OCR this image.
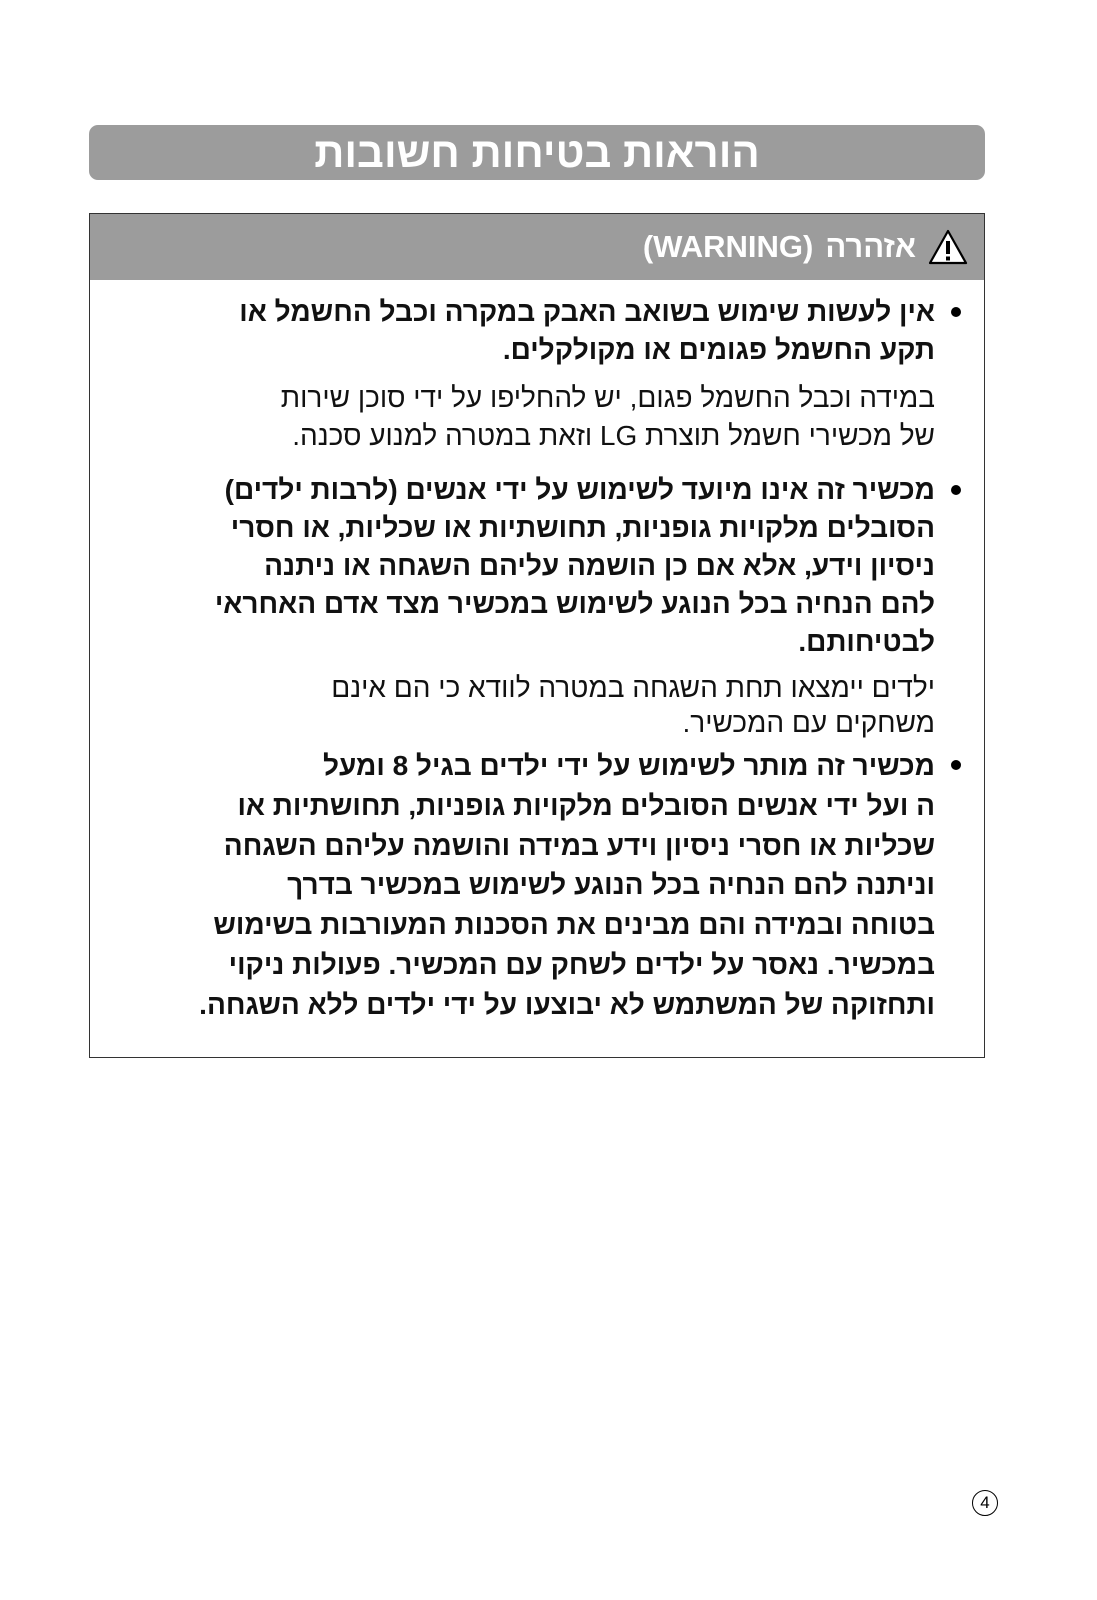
הוראות בטיחות חשובות
אזהרה
(WARNING)
אין לעשות שימוש בשואב האבק במקרה וכבל החשמל או
תקע החשמל פגומים או מקולקלים.
במידה וכבל החשמל פגום, יש להחליפו על ידי סוכן שירות
של מכשירי חשמל תוצרת LG וזאת במטרה למנוע סכנה.
מכשיר זה אינו מיועד לשימוש על ידי אנשים (לרבות ילדים)
הסובלים מלקויות גופניות, תחושתיות או שכליות, או חסרי
ניסיון וידע, אלא אם כן הושמה עליהם השגחה או ניתנה
להם הנחיה בכל הנוגע לשימוש במכשיר מצד אדם האחראי
לבטיחותם.
ילדים יימצאו תחת השגחה במטרה לוודא כי הם אינם
משחקים עם המכשיר.
מכשיר זה מותר לשימוש על ידי ילדים בגיל 8 ומעל
ה ועל ידי אנשים הסובלים מלקויות גופניות, תחושתיות או
שכליות או חסרי ניסיון וידע במידה והושמה עליהם השגחה
וניתנה להם הנחיה בכל הנוגע לשימוש במכשיר בדרך
בטוחה ובמידה והם מבינים את הסכנות המעורבות בשימוש
במכשיר. נאסר על ילדים לשחק עם המכשיר. פעולות ניקוי
ותחזוקה של המשתמש לא יבוצעו על ידי ילדים ללא השגחה.
4
